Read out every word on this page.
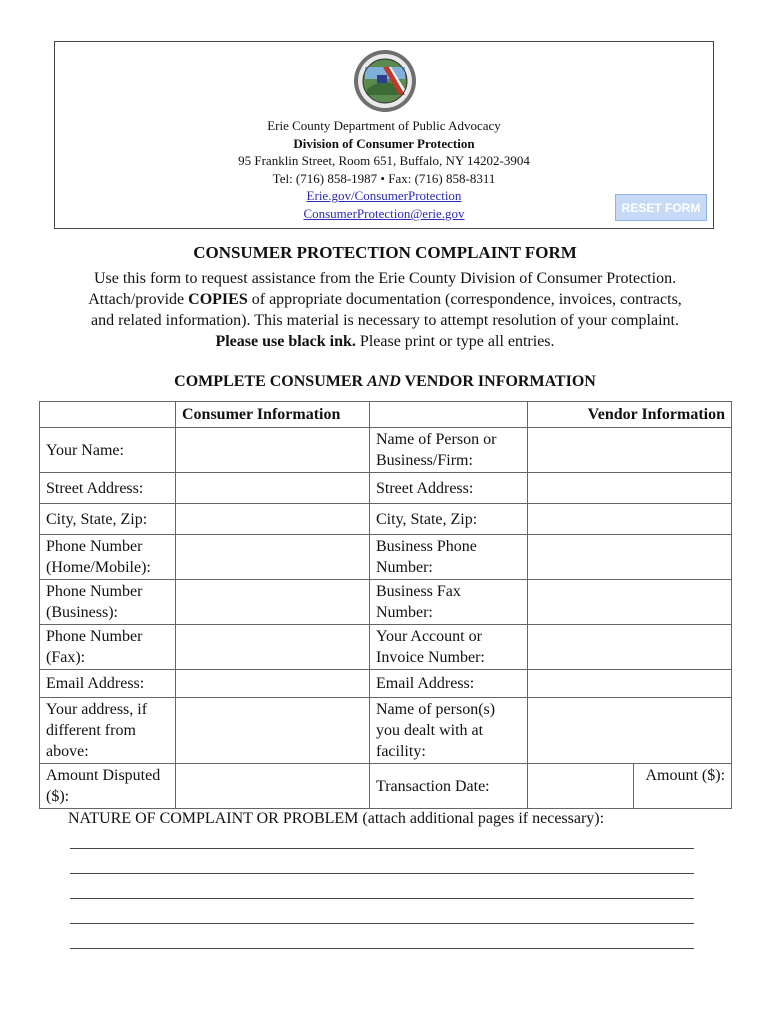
Erie County Department of Public Advocacy
Division of Consumer Protection
95 Franklin Street, Room 651, Buffalo, NY 14202-3904
Tel: (716) 858-1987 • Fax: (716) 858-8311
Erie.gov/ConsumerProtection
ConsumerProtection@erie.gov	RESET FORM
CONSUMER PROTECTION COMPLAINT FORM
Use this form to request assistance from the Erie County Division of Consumer Protection. Attach/provide COPIES of appropriate documentation (correspondence, invoices, contracts, and related information). This material is necessary to attempt resolution of your complaint. Please use black ink. Please print or type all entries.
COMPLETE CONSUMER AND VENDOR INFORMATION
	Consumer Information		Vendor Information	
Your Name:		Name of Person or Business/Firm:		
Street Address:		Street Address:		
City, State, Zip:		City, State, Zip:		
Phone Number (Home/Mobile):		Business Phone Number:		
Phone Number (Business):		Business Fax Number:		
Phone Number (Fax):		Your Account or Invoice Number:		
Email Address:		Email Address:		
Your address, if different from above:		Name of person(s) you dealt with at facility:		
Amount Disputed ($):		Transaction Date:		Amount ($):
NATURE OF COMPLAINT OR PROBLEM (attach additional pages if necessary):
